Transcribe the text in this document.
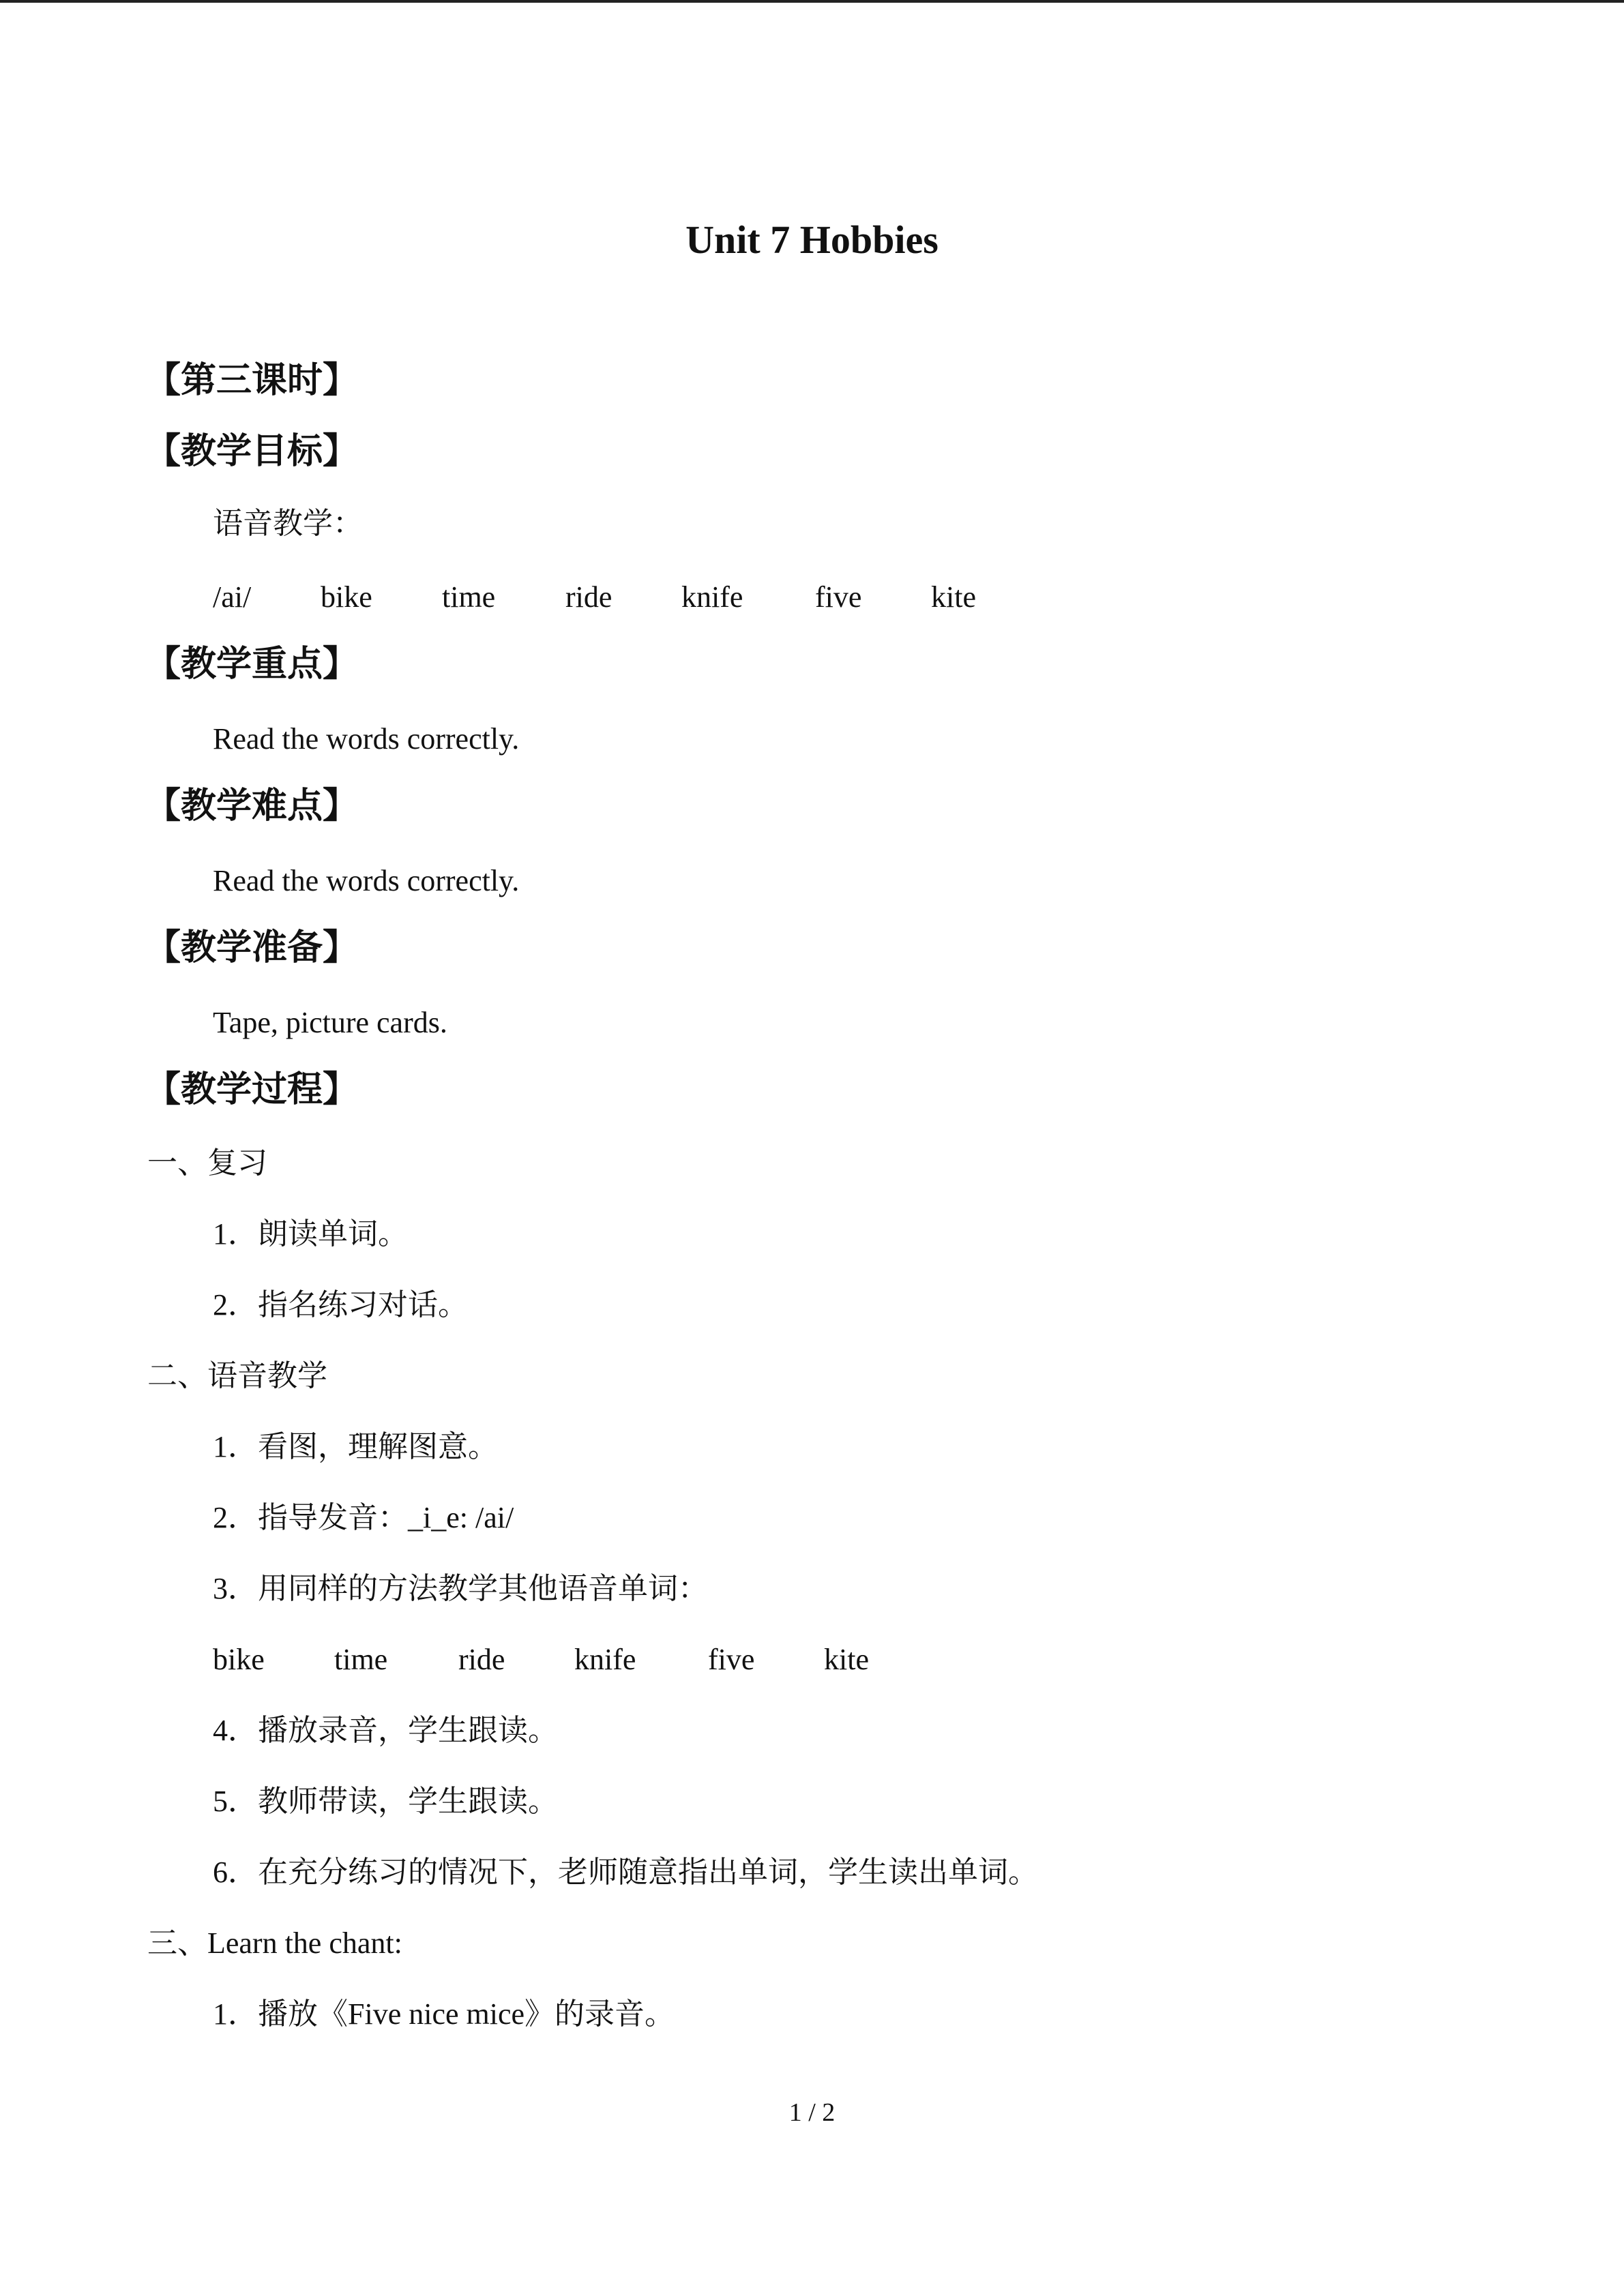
Unit 7 Hobbies
【第三课时】
【教学目标】
语音教学：
/ai/ bike time ride knife five kite
【教学重点】
Read the words correctly.
【教学难点】
Read the words correctly.
【教学准备】
Tape, picture cards.
【教学过程】
一、复习
1．朗读单词。
2．指名练习对话。
二、语音教学
1．看图，理解图意。
2．指导发音：_i_e: /ai/
3．用同样的方法教学其他语音单词：
bike time ride knife five kite
4．播放录音，学生跟读。
5．教师带读，学生跟读。
6．在充分练习的情况下，老师随意指出单词，学生读出单词。
三、Learn the chant:
1．播放《Five nice mice》的录音。
1 / 2
